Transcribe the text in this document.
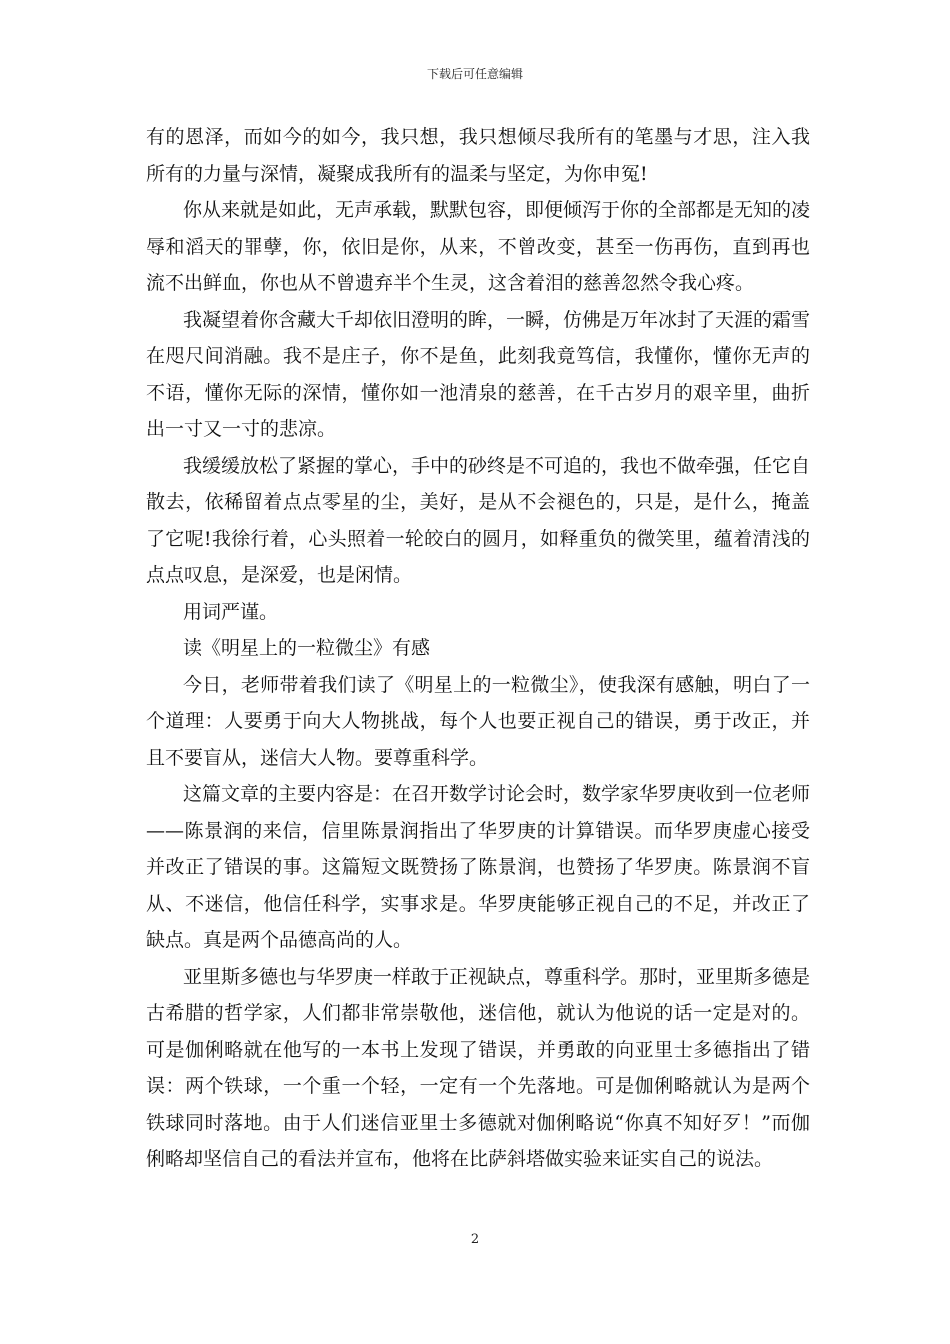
下载后可任意编辑

有的恩泽，而如今的如今，我只想，我只想倾尽我所有的笔墨与才思，注入我所有的力量与深情，凝聚成我所有的温柔与坚定，为你申冤!

你从来就是如此，无声承载，默默包容，即便倾泻于你的全部都是无知的凌辱和滔天的罪孽，你，依旧是你，从来，不曾改变，甚至一伤再伤，直到再也流不出鲜血，你也从不曾遗弃半个生灵，这含着泪的慈善忽然令我心疼。

我凝望着你含藏大千却依旧澄明的眸，一瞬，仿佛是万年冰封了天涯的霜雪在咫尺间消融。我不是庄子，你不是鱼，此刻我竟笃信，我懂你，懂你无声的不语，懂你无际的深情，懂你如一池清泉的慈善，在千古岁月的艰辛里，曲折出一寸又一寸的悲凉。

我缓缓放松了紧握的掌心，手中的砂终是不可追的，我也不做牵强，任它自散去，依稀留着点点零星的尘，美好，是从不会褪色的，只是，是什么，掩盖了它呢!我徐行着，心头照着一轮皎白的圆月，如释重负的微笑里，蕴着清浅的点点叹息，是深爱，也是闲情。

用词严谨。

读《明星上的一粒微尘》有感

今日，老师带着我们读了《明星上的一粒微尘》，使我深有感触，明白了一个道理：人要勇于向大人物挑战，每个人也要正视自己的错误，勇于改正，并且不要盲从，迷信大人物。要尊重科学。

这篇文章的主要内容是：在召开数学讨论会时，数学家华罗庚收到一位老师——陈景润的来信，信里陈景润指出了华罗庚的计算错误。而华罗庚虚心接受并改正了错误的事。这篇短文既赞扬了陈景润，也赞扬了华罗庚。陈景润不盲从、不迷信，他信任科学，实事求是。华罗庚能够正视自己的不足，并改正了缺点。真是两个品德高尚的人。

亚里斯多德也与华罗庚一样敢于正视缺点，尊重科学。那时，亚里斯多德是古希腊的哲学家，人们都非常崇敬他，迷信他，就认为他说的话一定是对的。可是伽俐略就在他写的一本书上发现了错误，并勇敢的向亚里士多德指出了错误：两个铁球，一个重一个轻，一定有一个先落地。可是伽俐略就认为是两个铁球同时落地。由于人们迷信亚里士多德就对伽俐略说“你真不知好歹！”而伽俐略却坚信自己的看法并宣布，他将在比萨斜塔做实验来证实自己的说法。

2
